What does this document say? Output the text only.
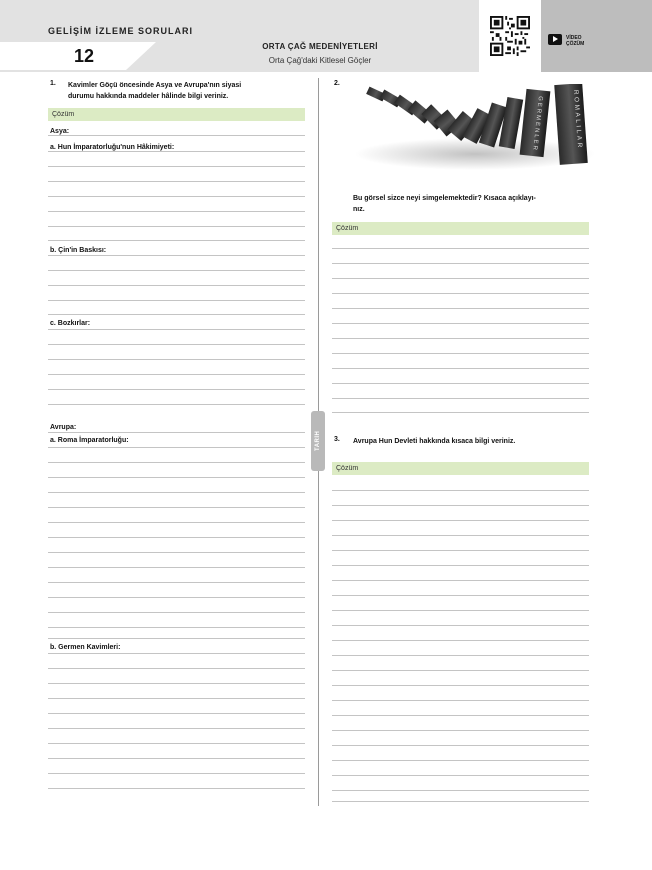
GELİŞİM İZLEME SORULARI
12	ORTA ÇAĞ MEDENİYETLERİ
Orta Çağ'daki Kitlesel Göçler
VİDEO
ÇÖZÜM
TARİH
1. Kavimler Göçü öncesinde Asya ve Avrupa'nın siyasi
durumu hakkında maddeler hâlinde bilgi veriniz.
Çözüm
Asya:
a. Hun İmparatorluğu'nun Hâkimiyeti:
b. Çin'in Baskısı:
c. Bozkırlar:
Avrupa:
a. Roma İmparatorluğu:
b. Germen Kavimleri:
2.
GERMENLER	ROMALILAR
Bu görsel sizce neyi simgelemektedir? Kısaca açıklayı-
nız.
Çözüm
3. Avrupa Hun Devleti hakkında kısaca bilgi veriniz.
Çözüm
